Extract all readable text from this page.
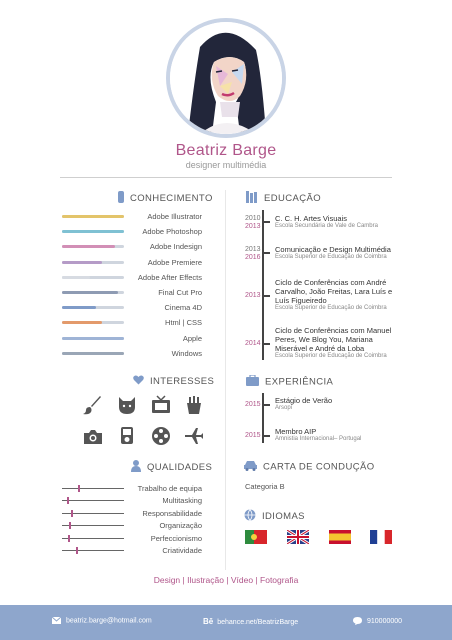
Beatriz Barge
designer multimédia
CONHECIMENTO
Adobe Illustrator
Adobe Photoshop
Adobe Indesign
Adobe Premiere
Adobe After Effects
Final Cut Pro
Cinema 4D
Html | CSS
Apple
Windows
EDUCAÇÃO
2010
2013
C. C. H. Artes Visuais
Escola Secundária de Vale de Cambra
2013
2016
Comunicação e Design Multimédia
Escola Superior de Educação de Coimbra
2013
Ciclo de Conferências com André Carvalho, João Freitas, Lara Luís e Luís Figueiredo
Escola Superior de Educação de Coimbra
2014
Ciclo de Conferências com Manuel Peres, We Blog You, Mariana Miserável e André da Loba
Escola Superior de Educação de Coimbra
INTERESSES	EXPERIÊNCIA
2015 Estágio de Verão
Arsopi
2015 Membro AIP
Amnistia Internacional– Portugal
QUALIDADES
Trabalho de equipa
Multitasking
Responsabilidade
Organização
Perfeccionismo
Criatividade
CARTA DE CONDUÇÃO
Categoria B
IDIOMAS
Design | Ilustração | Vídeo | Fotografia
beatriz.barge@hotmail.com	Bē behance.net/BeatrizBarge	910000000
